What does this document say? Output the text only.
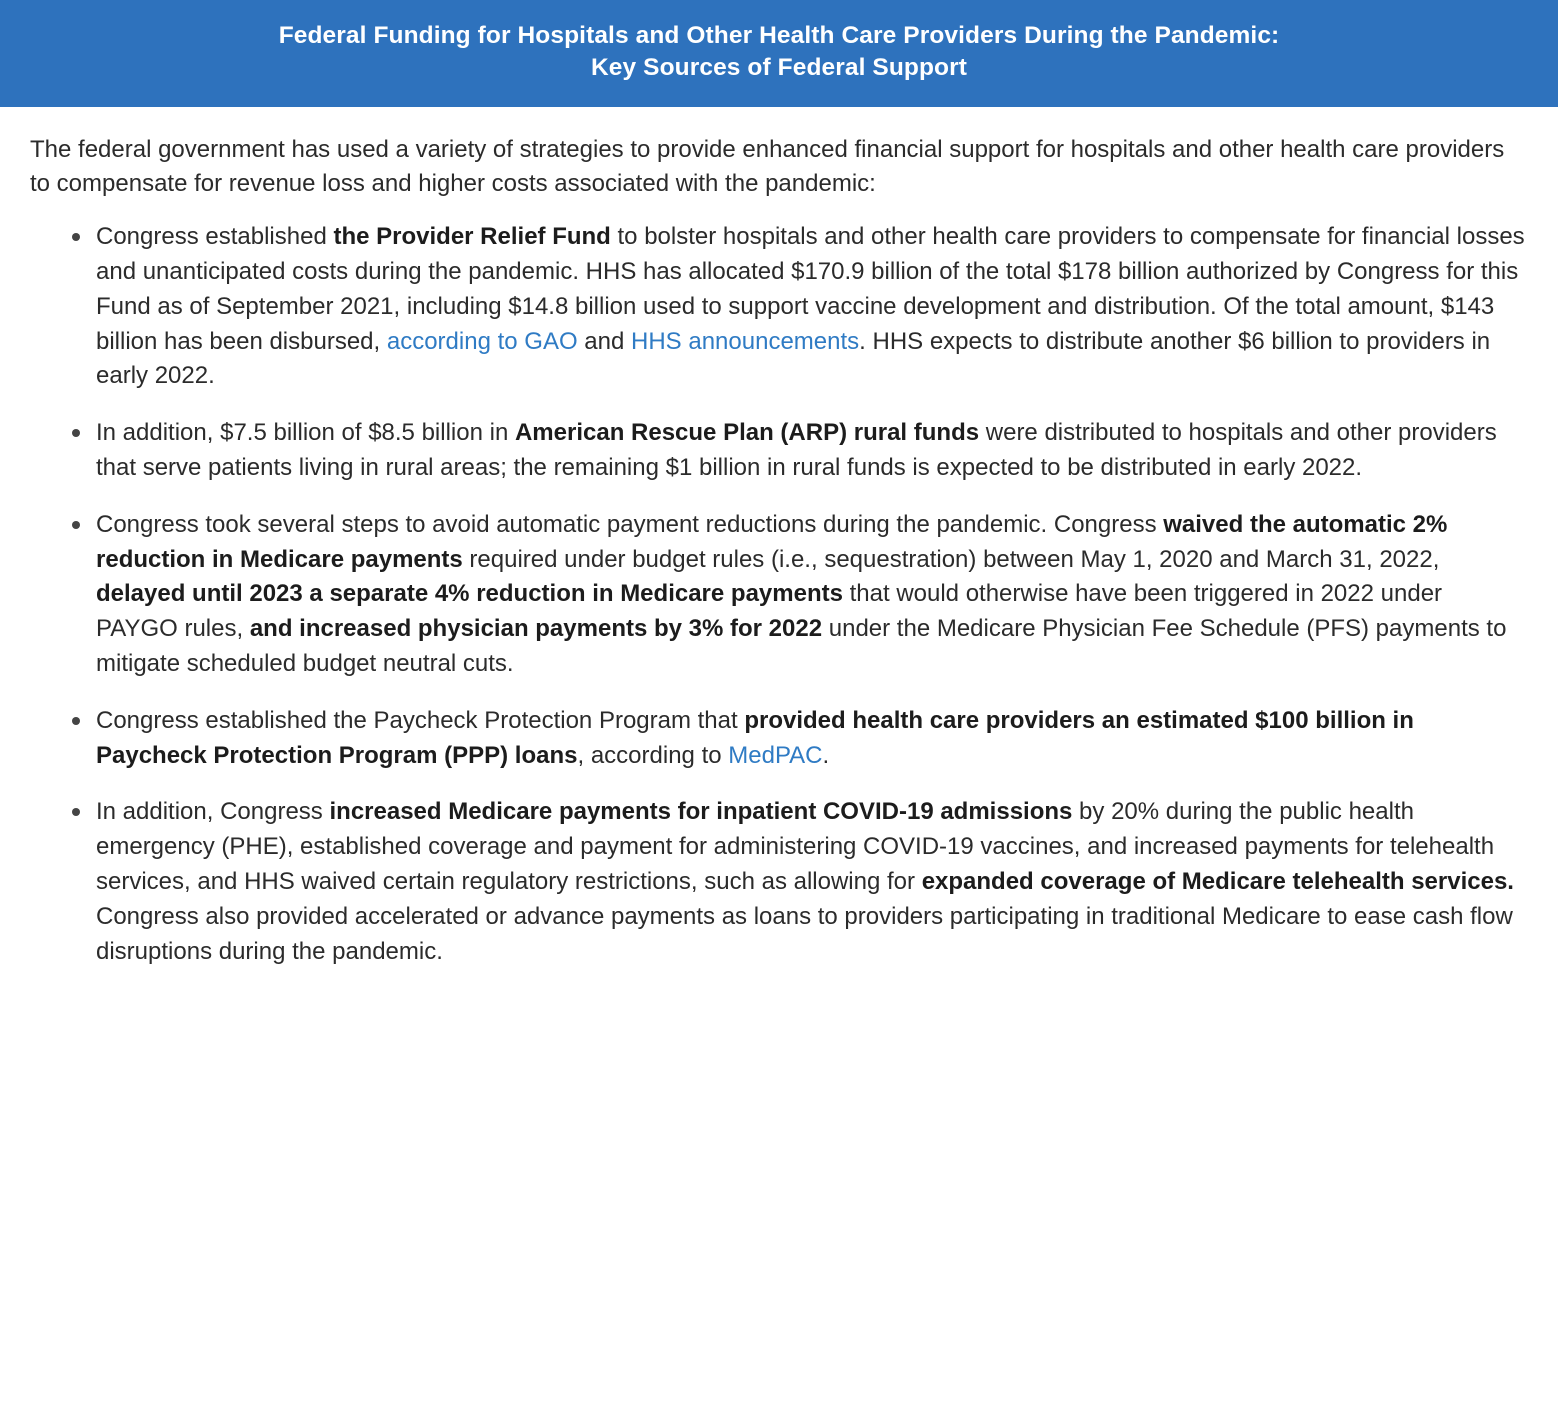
Federal Funding for Hospitals and Other Health Care Providers During the Pandemic:
Key Sources of Federal Support

The federal government has used a variety of strategies to provide enhanced financial support for hospitals and other health care providers to compensate for revenue loss and higher costs associated with the pandemic:

Congress established the Provider Relief Fund to bolster hospitals and other health care providers to compensate for financial losses and unanticipated costs during the pandemic. HHS has allocated $170.9 billion of the total $178 billion authorized by Congress for this Fund as of September 2021, including $14.8 billion used to support vaccine development and distribution. Of the total amount, $143 billion has been disbursed, according to GAO and HHS announcements. HHS expects to distribute another $6 billion to providers in early 2022.
In addition, $7.5 billion of $8.5 billion in American Rescue Plan (ARP) rural funds were distributed to hospitals and other providers that serve patients living in rural areas; the remaining $1 billion in rural funds is expected to be distributed in early 2022.
Congress took several steps to avoid automatic payment reductions during the pandemic. Congress waived the automatic 2% reduction in Medicare payments required under budget rules (i.e., sequestration) between May 1, 2020 and March 31, 2022, delayed until 2023 a separate 4% reduction in Medicare payments that would otherwise have been triggered in 2022 under PAYGO rules, and increased physician payments by 3% for 2022 under the Medicare Physician Fee Schedule (PFS) payments to mitigate scheduled budget neutral cuts.
Congress established the Paycheck Protection Program that provided health care providers an estimated $100 billion in Paycheck Protection Program (PPP) loans, according to MedPAC.
In addition, Congress increased Medicare payments for inpatient COVID-19 admissions by 20% during the public health emergency (PHE), established coverage and payment for administering COVID-19 vaccines, and increased payments for telehealth services, and HHS waived certain regulatory restrictions, such as allowing for expanded coverage of Medicare telehealth services. Congress also provided accelerated or advance payments as loans to providers participating in traditional Medicare to ease cash flow disruptions during the pandemic.
